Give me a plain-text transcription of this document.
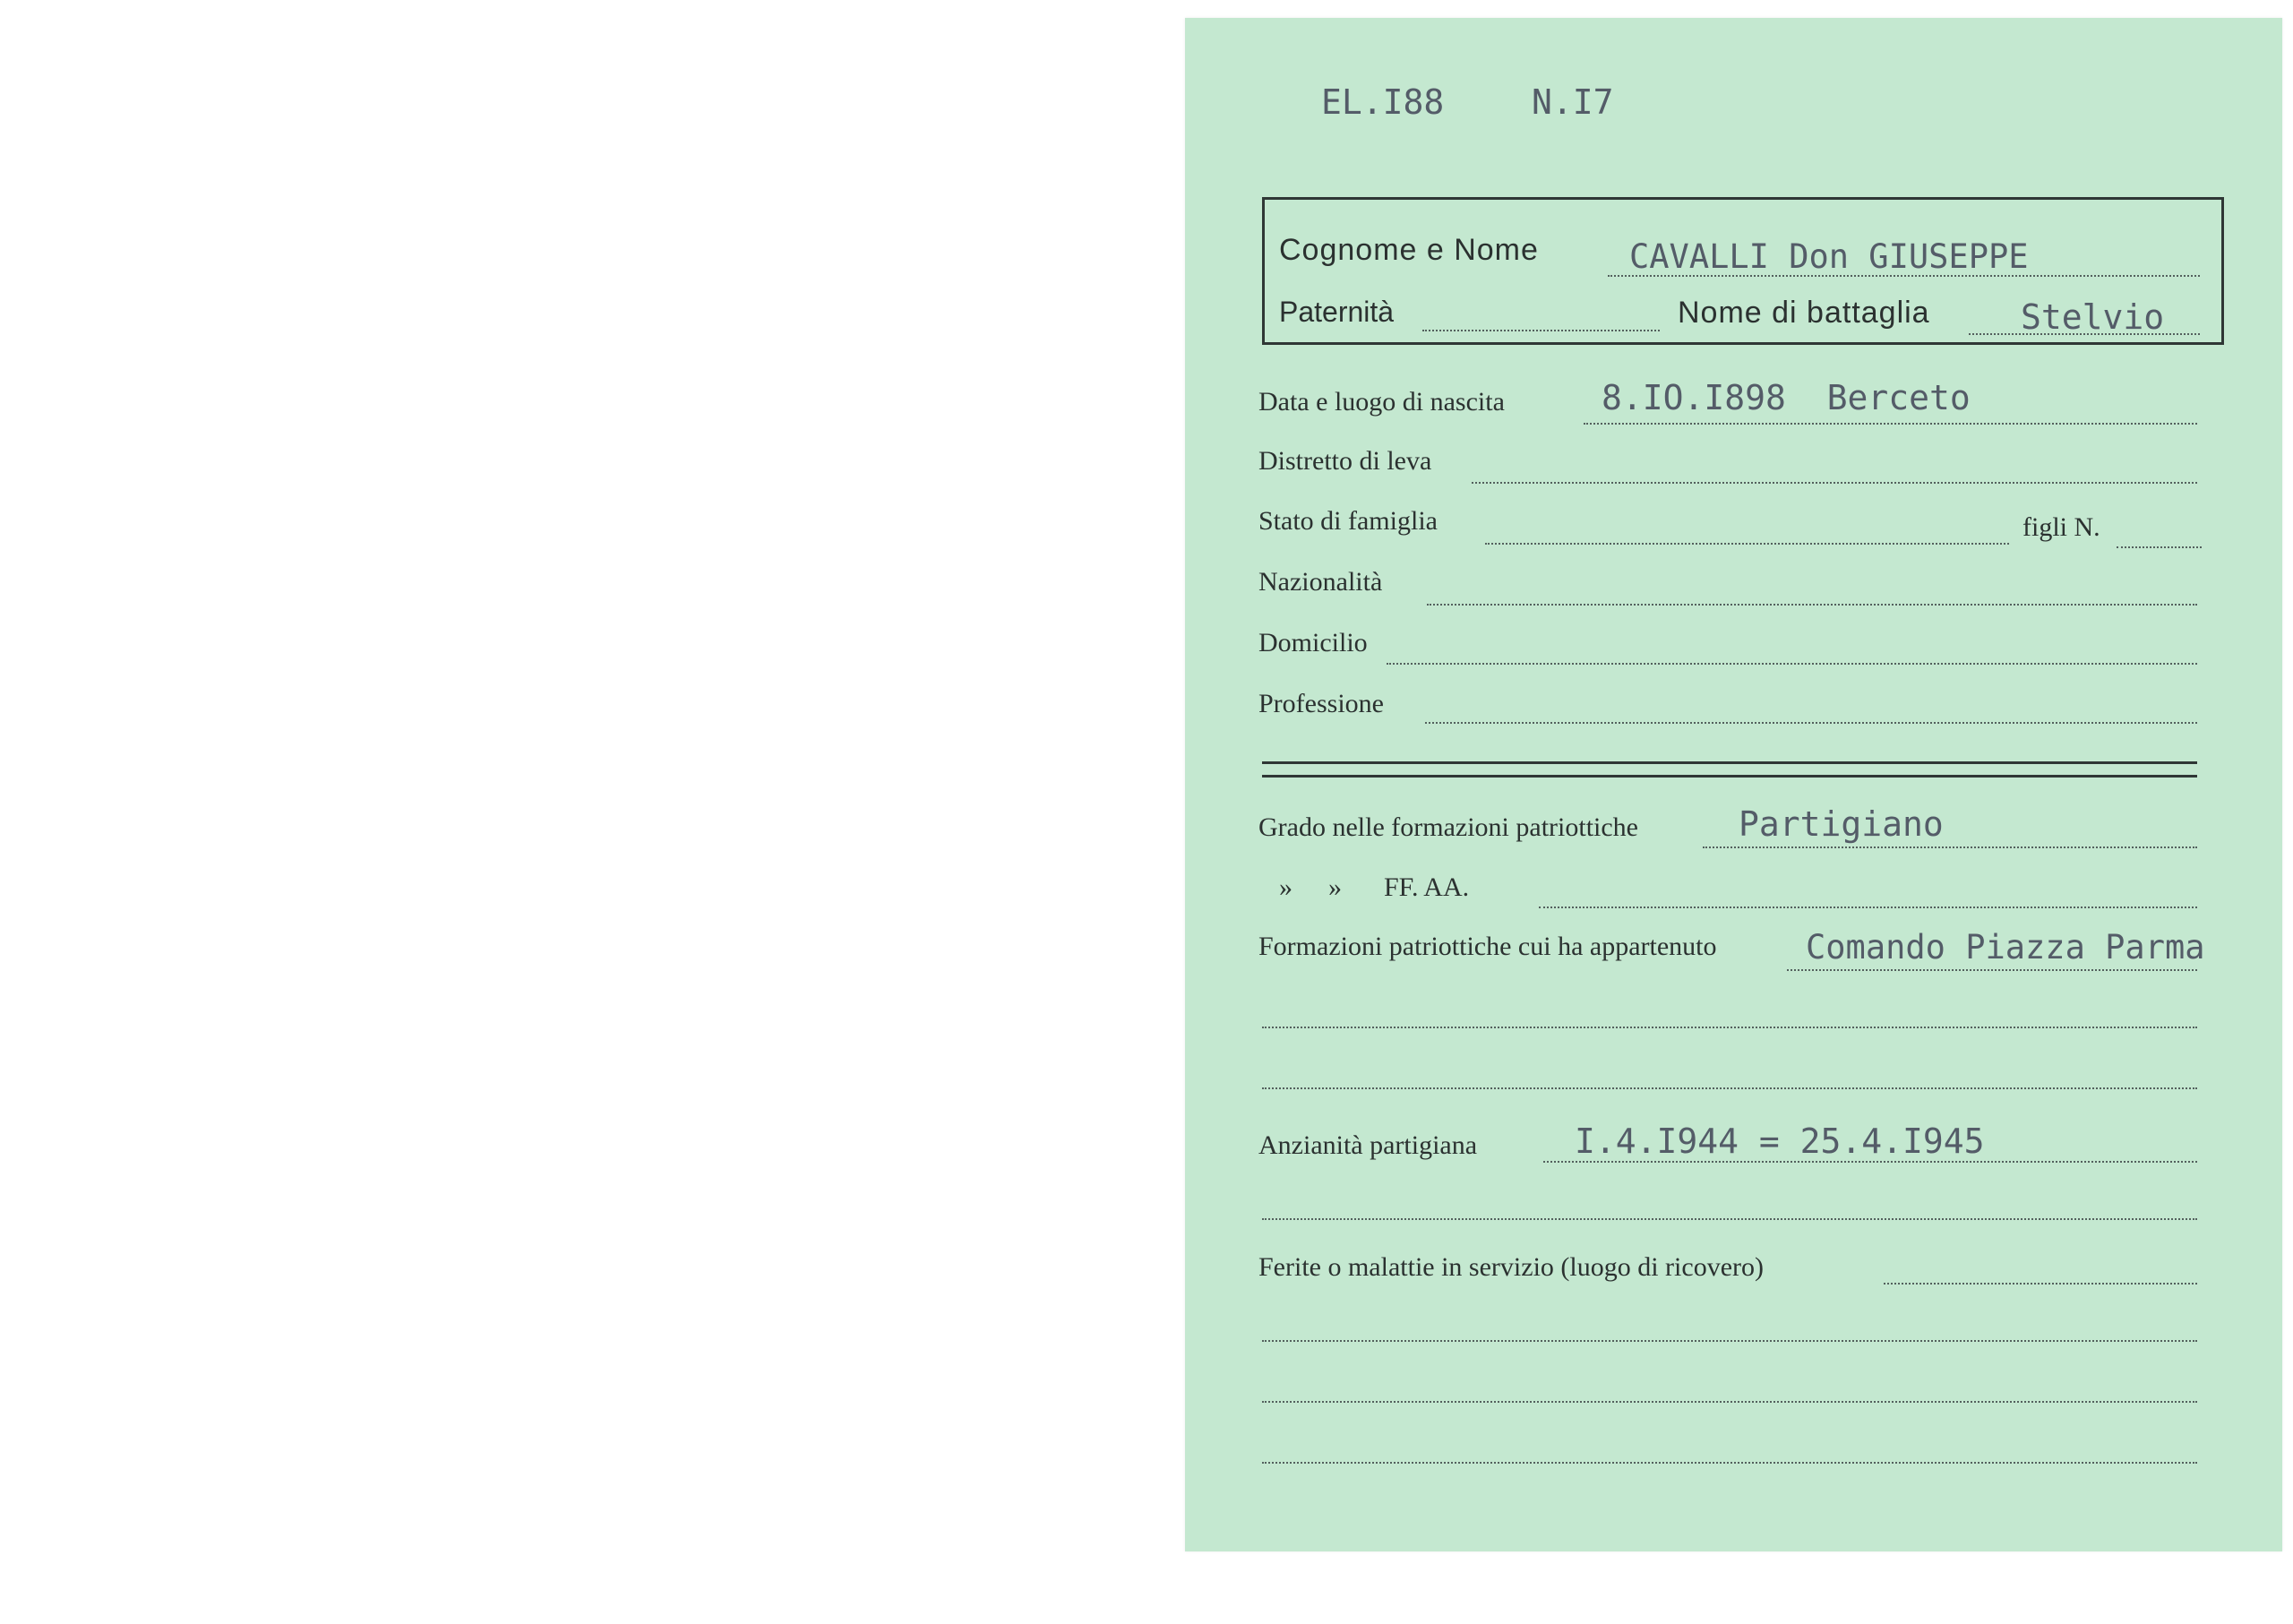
EL.I88	N.I7
Cognome e Nome	CAVALLI Don GIUSEPPE
Paternità	Nome di battaglia	Stelvio
Data e luogo di nascita	8.IO.I898  Berceto
Distretto di leva
Stato di famiglia	figli N.
Nazionalità
Domicilio
Professione
Grado nelle formazioni patriottiche	Partigiano
» » FF. AA.
Formazioni patriottiche cui ha appartenuto	Comando Piazza Parma
Anzianità partigiana	I.4.I944 = 25.4.I945
Ferite o malattie in servizio (luogo di ricovero)
